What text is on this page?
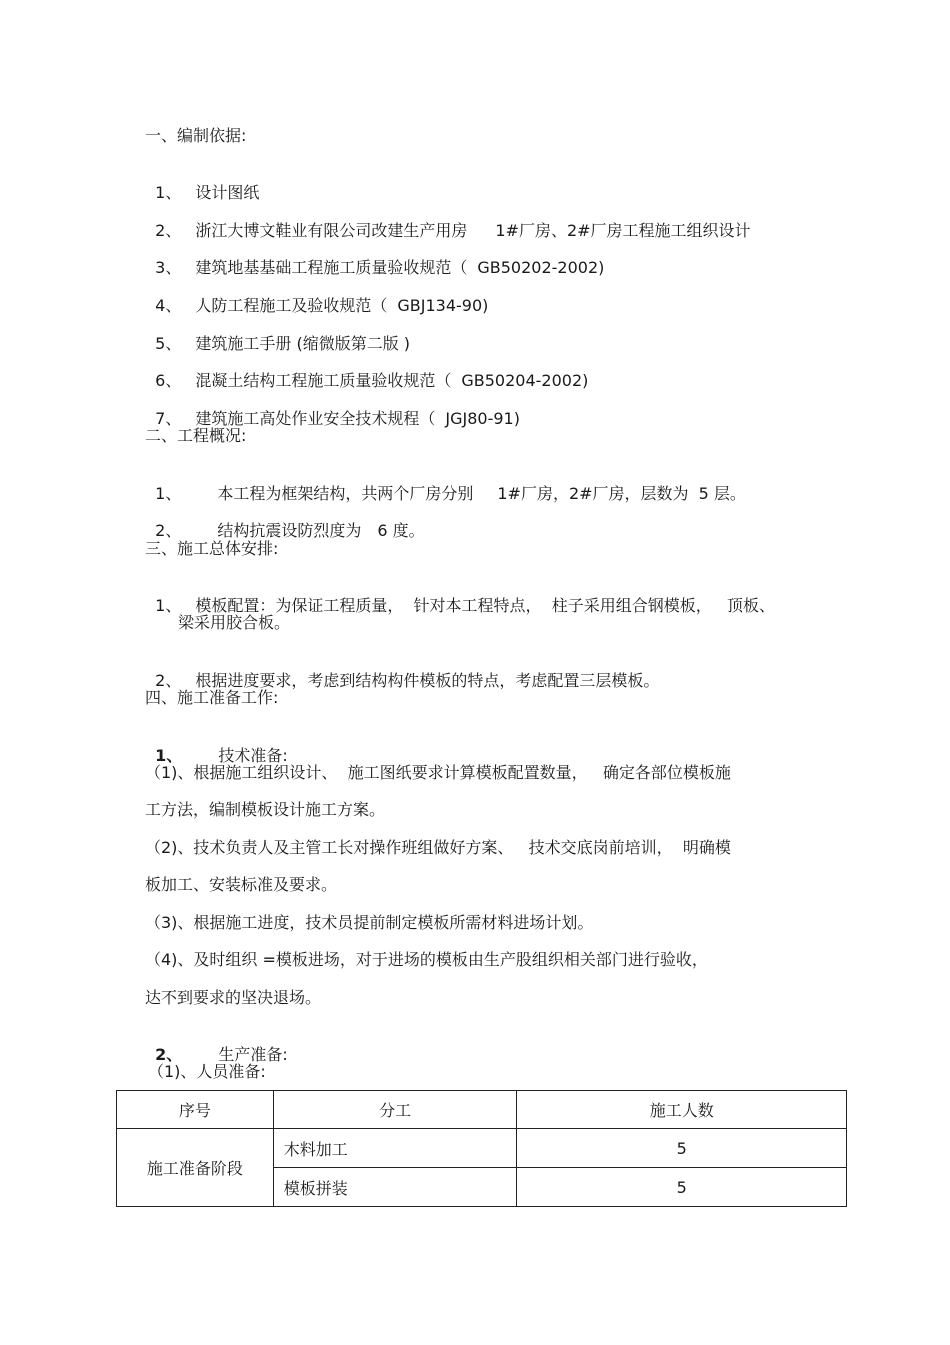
一、编制依据:

1、 设计图纸

2、 浙江大博文鞋业有限公司改建生产用房 1#厂房、2#厂房工程施工组织设计

3、 建筑地基基础工程施工质量验收规范（ GB50202-2002)

4、 人防工程施工及验收规范（ GBJ134-90)

5、 建筑施工手册 (缩微版第二版 )

6、 混凝土结构工程施工质量验收规范（ GB50204-2002)

7、 建筑施工高处作业安全技术规程（ JGJ80-91)

二、工程概况:

1、 本工程为框架结构，共两个厂房分别 1#厂房，2#厂房，层数为 5 层。

2、 结构抗震设防烈度为 6 度。

三、施工总体安排:

1、 模板配置：为保证工程质量，  针对本工程特点，  柱子采用组合钢模板，   顶板、

梁采用胶合板。

2、 根据进度要求，考虑到结构构件模板的特点，考虑配置三层模板。

四、施工准备工作:

1、 技术准备:

（1)、根据施工组织设计、  施工图纸要求计算模板配置数量，   确定各部位模板施
工方法，编制模板设计施工方案。
（2)、技术负责人及主管工长对操作班组做好方案、   技术交底岗前培训，  明确模
板加工、安装标准及要求。
（3)、根据施工进度，技术员提前制定模板所需材料进场计划。
（4)、及时组织 =模板进场，对于进场的模板由生产股组织相关部门进行验收，
达不到要求的坚决退场。

2、 生产准备:

（1)、人员准备:
序号	分工	施工人数
施工准备阶段	木料加工	5
	模板拼装	5
